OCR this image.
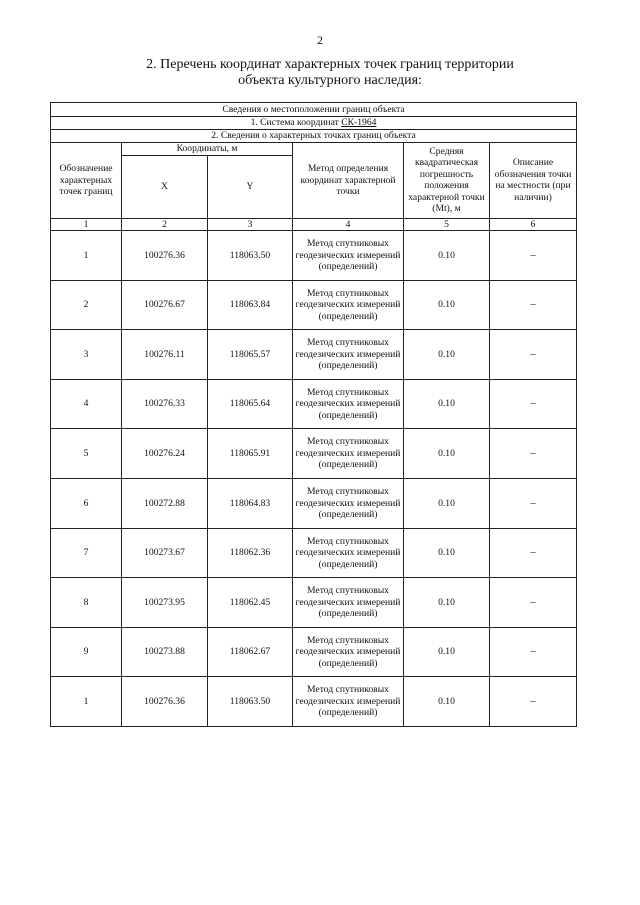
2
2. Перечень координат характерных точек границ территории
объекта культурного наследия:
Сведения о местоположении границ объекта					
1. Система координат СК-1964					
2. Сведения о характерных точках границ объекта					
Обозначение характерных точек границ	Координаты, м		Метод определения координат характерной точки	Средняя квадратическая погрешность положения характерной точки (Мt), м	Описание обозначения точки на местности (при наличии)
	X	Y			
1	2	3	4	5	6
1	100276.36	118063.50	Метод спутниковых геодезических измерений (определений)	0.10	–
2	100276.67	118063.84	Метод спутниковых геодезических измерений (определений)	0.10	–
3	100276.11	118065.57	Метод спутниковых геодезических измерений (определений)	0.10	–
4	100276.33	118065.64	Метод спутниковых геодезических измерений (определений)	0.10	–
5	100276.24	118065.91	Метод спутниковых геодезических измерений (определений)	0.10	–
6	100272.88	118064.83	Метод спутниковых геодезических измерений (определений)	0.10	–
7	100273.67	118062.36	Метод спутниковых геодезических измерений (определений)	0.10	–
8	100273.95	118062.45	Метод спутниковых геодезических измерений (определений)	0.10	–
9	100273.88	118062.67	Метод спутниковых геодезических измерений (определений)	0.10	–
1	100276.36	118063.50	Метод спутниковых геодезических измерений (определений)	0.10	–
